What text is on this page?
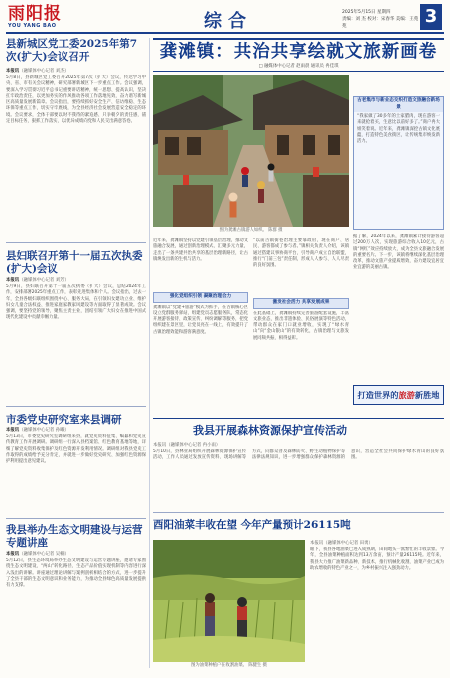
雨阳报
YOU YANG BAO	综合	2025年5月15日 星期四
责编：刘 杰 校对：宋春华 美编：王苑苑	3
县新城区党工委2025年第7次(扩大)会议召开
本报讯（融媒体中心记者 刘杰）
5月8日，县新城区党工委召开2025年第7次（扩大）会议，传达学习中央、省、市有关会议精神，研究部署新城区下一步重点工作。会议强调，要深入学习贯彻习近平总书记重要讲话精神，统一思想、提高认识，坚决扛牢政治责任，以更加务实的作风推动各项工作落地见效，奋力谱写新城区高质量发展新篇章。会议指出，要持续抓好安全生产、信访维稳、生态环保等重点工作，切实守牢底线，为全县经济社会发展营造安全稳定的环境。会议要求，全体干部要以时不我待的紧迫感、只争朝夕的责任感，锚定目标任务，狠抓工作落实，以优异成绩向党和人民交出满意答卷。
县妇联召开第十一届五次执委(扩大)会议
本报讯（融媒体中心记者 刘芳）
5月9日，县妇联召开第十一届五次执委（扩大）会议，总结2024年工作，安排部署2025年重点工作，表彰先进集体和个人。会议指出，过去一年，全县各级妇联组织围绕中心、服务大局，在引领妇女建功立业、维护妇女儿童合法权益、推进家庭家教家风建设等方面取得了显著成效。会议强调，要坚持党的领导，聚焦主责主业，团结引领广大妇女在推进中国式现代化建设中贡献巾帼力量。
市委党史研究室来县调研
本报讯（融媒体中心记者 孙曦）
5月13日，市委党史研究室调研组来县，就党史资料征集、编纂和党史宣传教育工作开展调研。调研组一行深入县档案馆、红色教育基地等地，详细了解党史资料收集保护及红色资源开发利用情况。调研组对我县党史工作取得的成绩给予充分肯定，并就进一步做好党史研究、加强红色资源保护利用提出意见建议。
我县举办生态文明建设与运营专题讲座
本报讯（融媒体中心记者 吴楠）
5月12日，县生态环境局举办生态文明建设与运营专题讲座，邀请专家围绕生态文明建设、“两山”转化路径、生态产品价值实现机制等内容进行深入浅出的讲解。讲座通过理论讲解与案例剖析相结合的方式，进一步提升了全县干部的生态文明意识和业务能力，为推动全县绿色高质量发展提供有力支撑。
龚滩镇：共治共享绘就文旅新画卷
□ 融媒体中心记者 赵雨晨 通讯员 冉佳琪
图为龚滩古镇游人如织。 陈群 摄
古老集市与新业态交织打造文旅融合新场景
“我家做了30多年的土家腊肉，现在游客一来就抢着买，生意比以前好多了。”商户冉大姐笑着说。近年来，龚滩镇深挖古镇文化底蕴，打造特色美食街区，让传统集市焕发新活力。
近年来，龚滩镇坚持以党建引领基层治理，推动文旅融合发展，通过创新治理模式、汇聚多元力量，走出了一条共建共治共享的基层治理新路径，让古镇焕发出新的生机与活力。
强化党组织引领 凝聚治理合力
龚滩镇以“党建+旅游”模式为抓手，在古镇核心区设立党群服务驿站，组建党员志愿服务队，常态化开展游客接待、政策宣传、纠纷调解等服务，把党组织建在景区里，让党员亮在一线上，有效提升了古镇治理效能和游客满意度。
“以前古镇街巷治理主要靠政府，现在商户、居民、游客都成了参与者。”镇相关负责人介绍，该镇通过搭建议事协商平台，引导商户成立自治联盟，推行“门前三包”责任制，形成人人参与、人人尽责的良好氛围。
激发社会活力 共享发展成果
在此基础上，龚滩镇持续完善旅游配套设施，丰富文旅业态，推出非遗体验、民俗展演等特色活动，带动群众在家门口就业增收，实现了“绿水青山”向“金山银山”的有效转化，古镇治理与文旅发展同频共振、相得益彰。
据了解，2024年以来，龚滩镇累计接待游客超过200万人次，实现旅游综合收入10亿元，古镇“网红”效应持续放大，成为全县文旅融合发展的重要名片。下一步，该镇将继续深化基层治理改革，推动文旅产业提质增效，奋力建设宜居宜业宜游的美丽古镇。
打造世界的旅游新胜地
我县开展森林资源保护宣传活动
本报讯（融媒体中心记者 冉小雨）
5月10日，县林业局组织开展森林资源保护宣传活动，工作人员通过发放宣传资料、现场讲解等方式，向群众普及森林防火、野生动植物保护等法律法规知识，进一步增强群众保护森林资源的意识，营造全社会共同保护绿水青山的良好氛围。
酉阳油菜丰收在望 今年产量预计26115吨
图为油菜种植户在收割油菜。 陈健生 摄
本报讯（融媒体中心记者 田勇）
眼下，我县各地油菜已进入成熟期，田间地头一派繁忙的丰收景象。今年，全县油菜种植面积达到13万余亩，预计产量26115吨。近年来，我县大力推广油菜新品种、新技术，推行机械化收割，油菜产业已成为助农增收的特色产业之一，为乡村振兴注入强劲动力。
